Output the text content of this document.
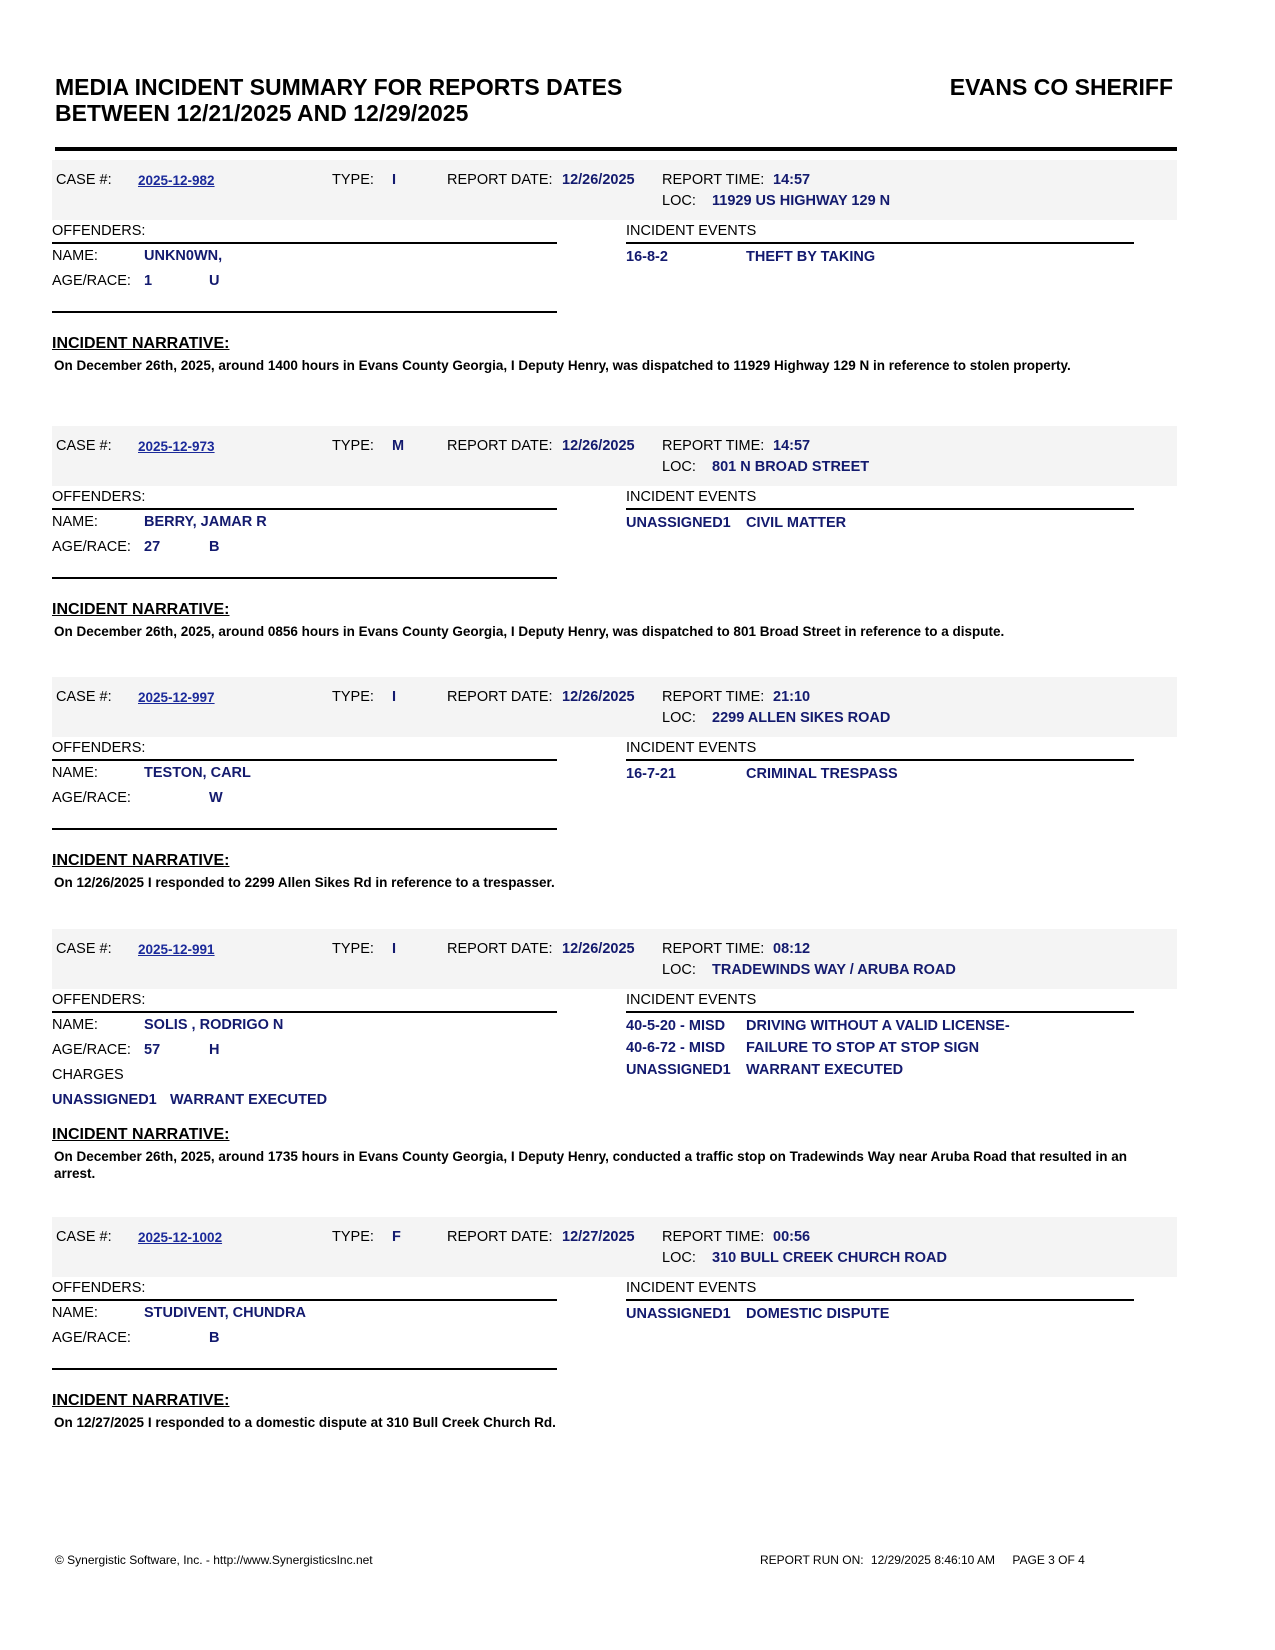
MEDIA INCIDENT SUMMARY FOR REPORTS DATES
BETWEEN 12/21/2025 AND 12/29/2025
EVANS CO SHERIFF
CASE #: 2025-12-982	TYPE: I	REPORT DATE: 12/26/2025 REPORT TIME: 14:57
LOC: 11929 US HIGHWAY 129 N
OFFENDERS:
NAME:	UNKN0WN,
AGE/RACE: 1	U
INCIDENT EVENTS
16-8-2	THEFT BY TAKING
INCIDENT NARRATIVE:
On December 26th, 2025, around 1400 hours in Evans County Georgia, I Deputy Henry, was dispatched to 11929 Highway 129 N in reference to stolen property.
CASE #: 2025-12-973	TYPE: M	REPORT DATE: 12/26/2025 REPORT TIME: 14:57
LOC: 801 N BROAD STREET
OFFENDERS:
NAME:	BERRY, JAMAR R
AGE/RACE: 27	B
INCIDENT EVENTS
UNASSIGNED1 CIVIL MATTER
INCIDENT NARRATIVE:
On December 26th, 2025, around 0856 hours in Evans County Georgia, I Deputy Henry, was dispatched to 801 Broad Street in reference to a dispute.
CASE #: 2025-12-997	TYPE: I	REPORT DATE: 12/26/2025 REPORT TIME: 21:10
LOC: 2299 ALLEN SIKES ROAD
OFFENDERS:
NAME:	TESTON, CARL
AGE/RACE:	W
INCIDENT EVENTS
16-7-21	CRIMINAL TRESPASS
INCIDENT NARRATIVE:
On 12/26/2025 I responded to 2299 Allen Sikes Rd in reference to a trespasser.
CASE #: 2025-12-991	TYPE: I	REPORT DATE: 12/26/2025 REPORT TIME: 08:12
LOC: TRADEWINDS WAY / ARUBA ROAD
OFFENDERS:
NAME:	SOLIS , RODRIGO N
AGE/RACE: 57	H
CHARGES
UNASSIGNED1 WARRANT EXECUTED
INCIDENT EVENTS
40-5-20 - MISD DRIVING WITHOUT A VALID LICENSE-
40-6-72 - MISD FAILURE TO STOP AT STOP SIGN
UNASSIGNED1 WARRANT EXECUTED
INCIDENT NARRATIVE:
On December 26th, 2025, around 1735 hours in Evans County Georgia, I Deputy Henry, conducted a traffic stop on Tradewinds Way near Aruba Road that resulted in an arrest.
CASE #: 2025-12-1002	TYPE: F	REPORT DATE: 12/27/2025 REPORT TIME: 00:56
LOC: 310 BULL CREEK CHURCH ROAD
OFFENDERS:
NAME:	STUDIVENT, CHUNDRA
AGE/RACE:	B
INCIDENT EVENTS
UNASSIGNED1 DOMESTIC DISPUTE
INCIDENT NARRATIVE:
On 12/27/2025 I responded to a domestic dispute at 310 Bull Creek Church Rd.
© Synergistic Software, Inc. - http://www.SynergisticsInc.net	REPORT RUN ON: 12/29/2025 8:46:10 AM PAGE 3 OF 4
